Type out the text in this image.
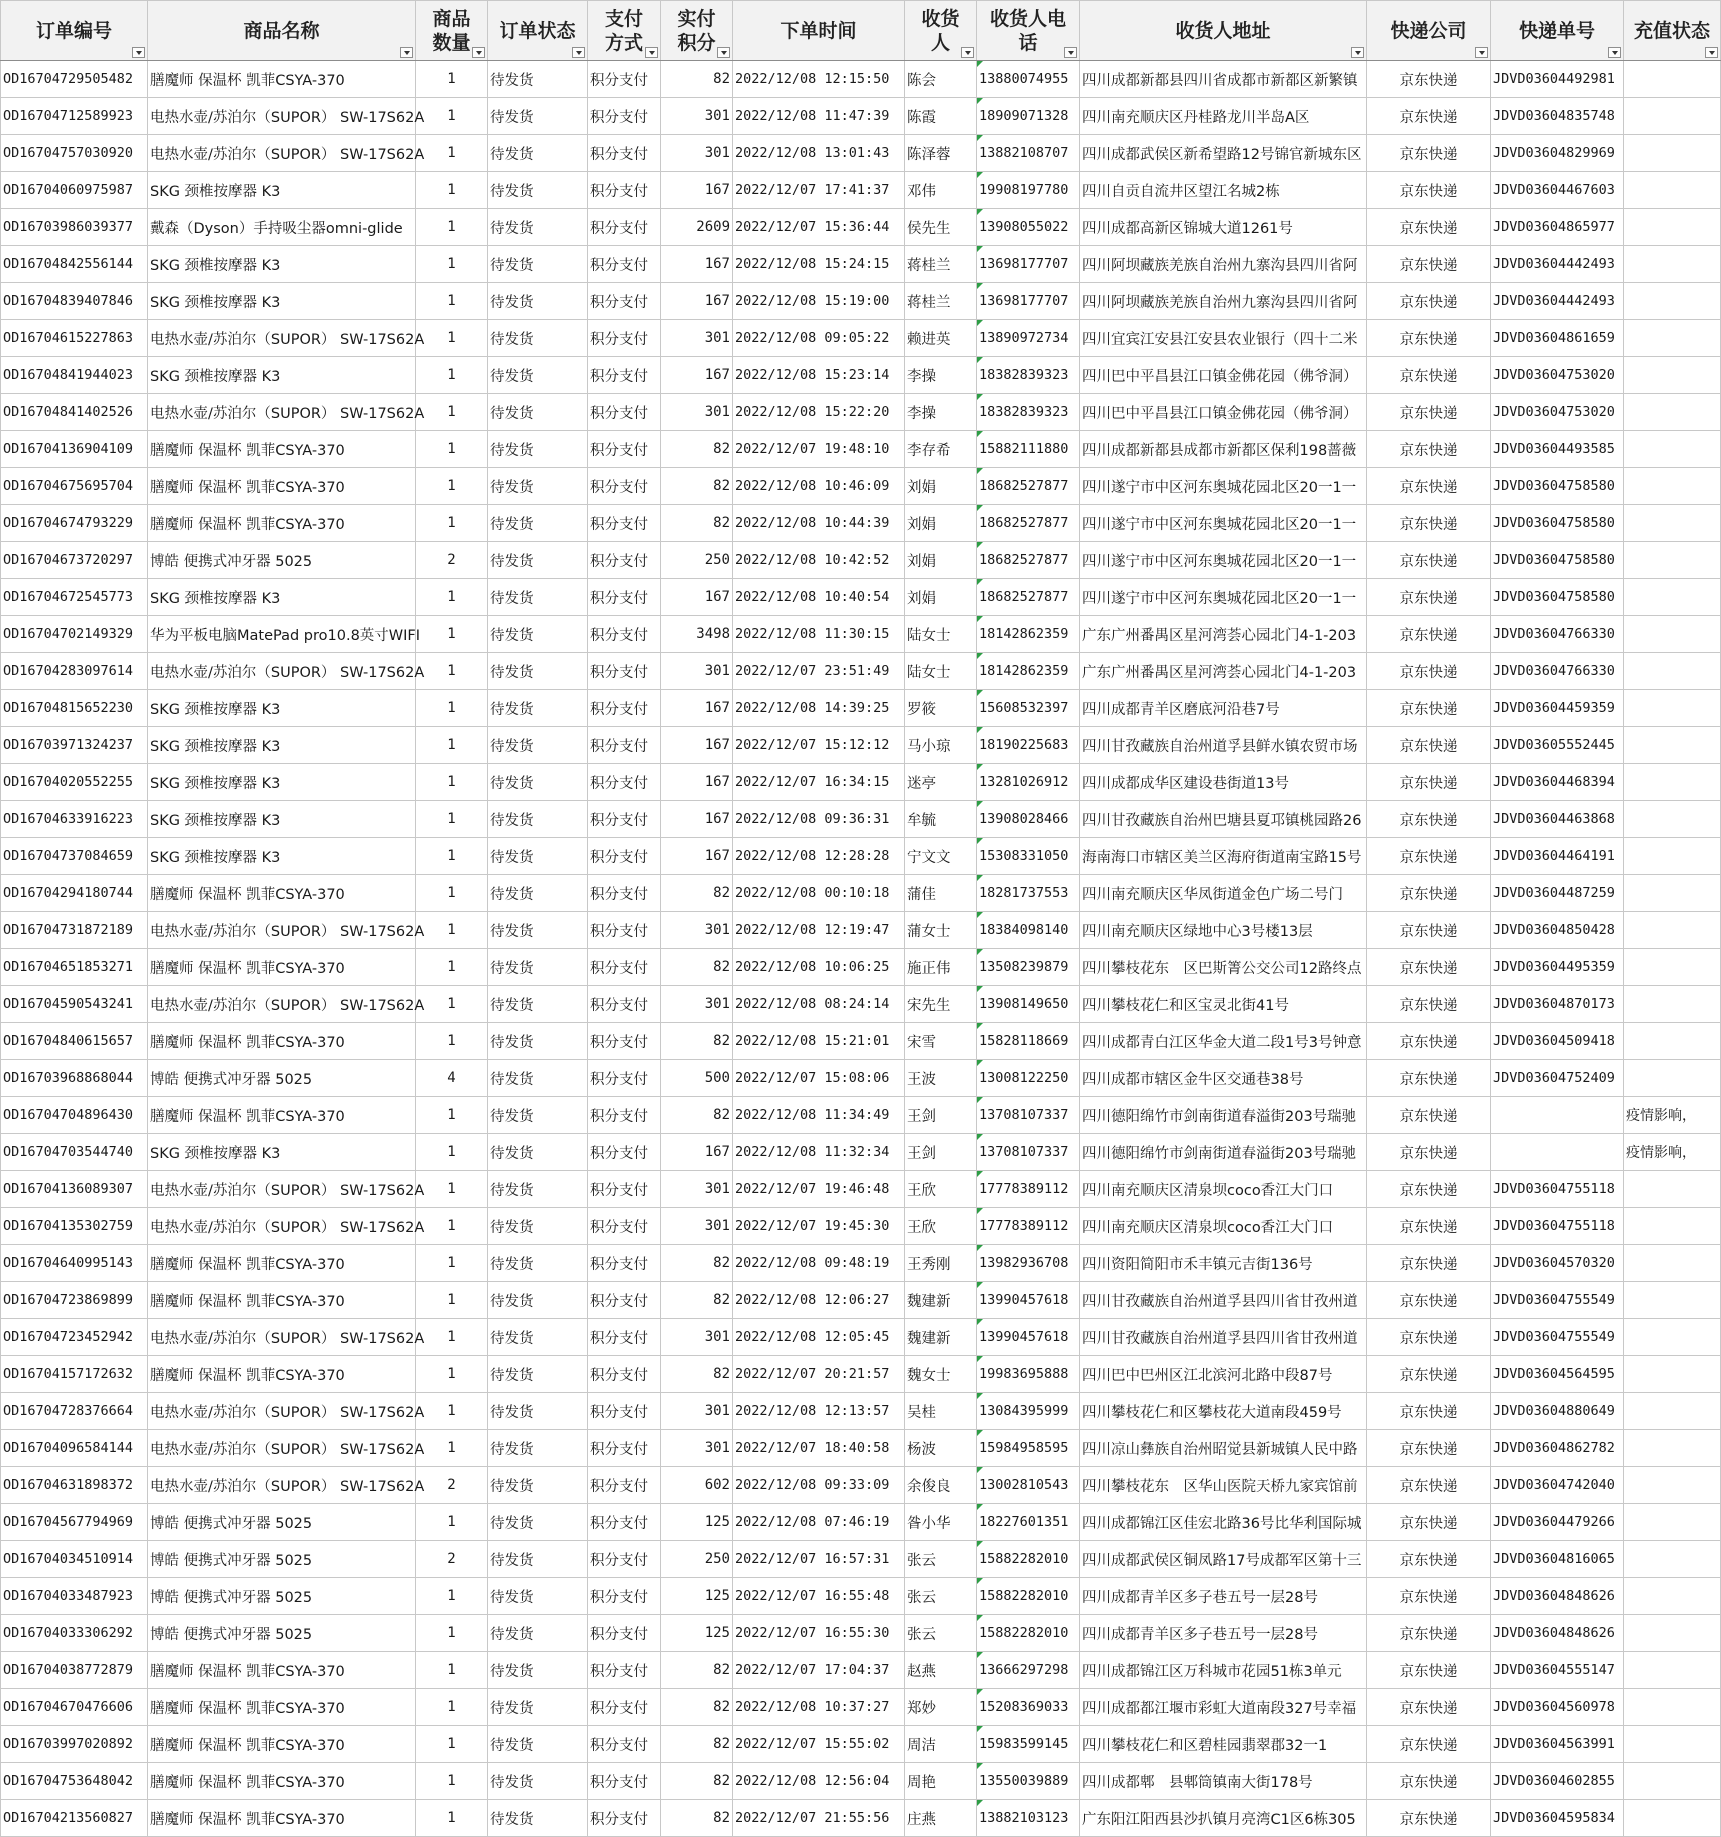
订单编号	商品名称	商品数量	订单状态	支付方式	实付积分	下单时间	收货人	收货人电话	收货人地址	快递公司	快递单号	充值状态

OD16704729505482	膳魔师 保温杯 凯菲CSYA-370	1	待发货	积分支付	82	2022/12/08 12:15:50	陈会	13880074955	四川成都新都县四川省成都市新都区新繁镇	京东快递	JDVD03604492981	
OD16704712589923	电热水壶/苏泊尔（SUPOR） SW-17S62A	1	待发货	积分支付	301	2022/12/08 11:47:39	陈霞	18909071328	四川南充顺庆区丹桂路龙川半岛A区	京东快递	JDVD03604835748	
OD16704757030920	电热水壶/苏泊尔（SUPOR） SW-17S62A	1	待发货	积分支付	301	2022/12/08 13:01:43	陈泽蓉	13882108707	四川成都武侯区新希望路12号锦官新城东区	京东快递	JDVD03604829969	
OD16704060975987	SKG 颈椎按摩器 K3	1	待发货	积分支付	167	2022/12/07 17:41:37	邓伟	19908197780	四川自贡自流井区望江名城2栋	京东快递	JDVD03604467603	
OD16703986039377	戴森（Dyson）手持吸尘器omni-glide	1	待发货	积分支付	2609	2022/12/07 15:36:44	侯先生	13908055022	四川成都高新区锦城大道1261号	京东快递	JDVD03604865977	
OD16704842556144	SKG 颈椎按摩器 K3	1	待发货	积分支付	167	2022/12/08 15:24:15	蒋桂兰	13698177707	四川阿坝藏族羌族自治州九寨沟县四川省阿	京东快递	JDVD03604442493	
OD16704839407846	SKG 颈椎按摩器 K3	1	待发货	积分支付	167	2022/12/08 15:19:00	蒋桂兰	13698177707	四川阿坝藏族羌族自治州九寨沟县四川省阿	京东快递	JDVD03604442493	
OD16704615227863	电热水壶/苏泊尔（SUPOR） SW-17S62A	1	待发货	积分支付	301	2022/12/08 09:05:22	赖进英	13890972734	四川宜宾江安县江安县农业银行（四十二米	京东快递	JDVD03604861659	
OD16704841944023	SKG 颈椎按摩器 K3	1	待发货	积分支付	167	2022/12/08 15:23:14	李操	18382839323	四川巴中平昌县江口镇金佛花园（佛爷洞）	京东快递	JDVD03604753020	
OD16704841402526	电热水壶/苏泊尔（SUPOR） SW-17S62A	1	待发货	积分支付	301	2022/12/08 15:22:20	李操	18382839323	四川巴中平昌县江口镇金佛花园（佛爷洞）	京东快递	JDVD03604753020	
OD16704136904109	膳魔师 保温杯 凯菲CSYA-370	1	待发货	积分支付	82	2022/12/07 19:48:10	李存希	15882111880	四川成都新都县成都市新都区保利198蔷薇	京东快递	JDVD03604493585	
OD16704675695704	膳魔师 保温杯 凯菲CSYA-370	1	待发货	积分支付	82	2022/12/08 10:46:09	刘娟	18682527877	四川遂宁市中区河东奥城花园北区20一1一	京东快递	JDVD03604758580	
OD16704674793229	膳魔师 保温杯 凯菲CSYA-370	1	待发货	积分支付	82	2022/12/08 10:44:39	刘娟	18682527877	四川遂宁市中区河东奥城花园北区20一1一	京东快递	JDVD03604758580	
OD16704673720297	博皓 便携式冲牙器 5025	2	待发货	积分支付	250	2022/12/08 10:42:52	刘娟	18682527877	四川遂宁市中区河东奥城花园北区20一1一	京东快递	JDVD03604758580	
OD16704672545773	SKG 颈椎按摩器 K3	1	待发货	积分支付	167	2022/12/08 10:40:54	刘娟	18682527877	四川遂宁市中区河东奥城花园北区20一1一	京东快递	JDVD03604758580	
OD16704702149329	华为平板电脑MatePad pro10.8英寸WIFI	1	待发货	积分支付	3498	2022/12/08 11:30:15	陆女士	18142862359	广东广州番禺区星河湾荟心园北门4-1-203	京东快递	JDVD03604766330	
OD16704283097614	电热水壶/苏泊尔（SUPOR） SW-17S62A	1	待发货	积分支付	301	2022/12/07 23:51:49	陆女士	18142862359	广东广州番禺区星河湾荟心园北门4-1-203	京东快递	JDVD03604766330	
OD16704815652230	SKG 颈椎按摩器 K3	1	待发货	积分支付	167	2022/12/08 14:39:25	罗筱	15608532397	四川成都青羊区磨底河沿巷7号	京东快递	JDVD03604459359	
OD16703971324237	SKG 颈椎按摩器 K3	1	待发货	积分支付	167	2022/12/07 15:12:12	马小琼	18190225683	四川甘孜藏族自治州道孚县鲜水镇农贸市场	京东快递	JDVD03605552445	
OD16704020552255	SKG 颈椎按摩器 K3	1	待发货	积分支付	167	2022/12/07 16:34:15	迷亭	13281026912	四川成都成华区建设巷街道13号	京东快递	JDVD03604468394	
OD16704633916223	SKG 颈椎按摩器 K3	1	待发货	积分支付	167	2022/12/08 09:36:31	牟毓	13908028466	四川甘孜藏族自治州巴塘县夏邛镇桃园路26	京东快递	JDVD03604463868	
OD16704737084659	SKG 颈椎按摩器 K3	1	待发货	积分支付	167	2022/12/08 12:28:28	宁文文	15308331050	海南海口市辖区美兰区海府街道南宝路15号	京东快递	JDVD03604464191	
OD16704294180744	膳魔师 保温杯 凯菲CSYA-370	1	待发货	积分支付	82	2022/12/08 00:10:18	蒲佳	18281737553	四川南充顺庆区华凤街道金色广场二号门	京东快递	JDVD03604487259	
OD16704731872189	电热水壶/苏泊尔（SUPOR） SW-17S62A	1	待发货	积分支付	301	2022/12/08 12:19:47	蒲女士	18384098140	四川南充顺庆区绿地中心3号楼13层	京东快递	JDVD03604850428	
OD16704651853271	膳魔师 保温杯 凯菲CSYA-370	1	待发货	积分支付	82	2022/12/08 10:06:25	施正伟	13508239879	四川攀枝花东　区巴斯箐公交公司12路终点	京东快递	JDVD03604495359	
OD16704590543241	电热水壶/苏泊尔（SUPOR） SW-17S62A	1	待发货	积分支付	301	2022/12/08 08:24:14	宋先生	13908149650	四川攀枝花仁和区宝灵北街41号	京东快递	JDVD03604870173	
OD16704840615657	膳魔师 保温杯 凯菲CSYA-370	1	待发货	积分支付	82	2022/12/08 15:21:01	宋雪	15828118669	四川成都青白江区华金大道二段1号3号钟意	京东快递	JDVD03604509418	
OD16703968868044	博皓 便携式冲牙器 5025	4	待发货	积分支付	500	2022/12/07 15:08:06	王波	13008122250	四川成都市辖区金牛区交通巷38号	京东快递	JDVD03604752409	
OD16704704896430	膳魔师 保温杯 凯菲CSYA-370	1	待发货	积分支付	82	2022/12/08 11:34:49	王剑	13708107337	四川德阳绵竹市剑南街道春溢街203号瑞驰	京东快递		疫情影响，
OD16704703544740	SKG 颈椎按摩器 K3	1	待发货	积分支付	167	2022/12/08 11:32:34	王剑	13708107337	四川德阳绵竹市剑南街道春溢街203号瑞驰	京东快递		疫情影响，
OD16704136089307	电热水壶/苏泊尔（SUPOR） SW-17S62A	1	待发货	积分支付	301	2022/12/07 19:46:48	王欣	17778389112	四川南充顺庆区清泉坝coco香江大门口	京东快递	JDVD03604755118	
OD16704135302759	电热水壶/苏泊尔（SUPOR） SW-17S62A	1	待发货	积分支付	301	2022/12/07 19:45:30	王欣	17778389112	四川南充顺庆区清泉坝coco香江大门口	京东快递	JDVD03604755118	
OD16704640995143	膳魔师 保温杯 凯菲CSYA-370	1	待发货	积分支付	82	2022/12/08 09:48:19	王秀刚	13982936708	四川资阳简阳市禾丰镇元吉街136号	京东快递	JDVD03604570320	
OD16704723869899	膳魔师 保温杯 凯菲CSYA-370	1	待发货	积分支付	82	2022/12/08 12:06:27	魏建新	13990457618	四川甘孜藏族自治州道孚县四川省甘孜州道	京东快递	JDVD03604755549	
OD16704723452942	电热水壶/苏泊尔（SUPOR） SW-17S62A	1	待发货	积分支付	301	2022/12/08 12:05:45	魏建新	13990457618	四川甘孜藏族自治州道孚县四川省甘孜州道	京东快递	JDVD03604755549	
OD16704157172632	膳魔师 保温杯 凯菲CSYA-370	1	待发货	积分支付	82	2022/12/07 20:21:57	魏女士	19983695888	四川巴中巴州区江北滨河北路中段87号	京东快递	JDVD03604564595	
OD16704728376664	电热水壶/苏泊尔（SUPOR） SW-17S62A	1	待发货	积分支付	301	2022/12/08 12:13:57	吴桂	13084395999	四川攀枝花仁和区攀枝花大道南段459号	京东快递	JDVD03604880649	
OD16704096584144	电热水壶/苏泊尔（SUPOR） SW-17S62A	1	待发货	积分支付	301	2022/12/07 18:40:58	杨波	15984958595	四川凉山彝族自治州昭觉县新城镇人民中路	京东快递	JDVD03604862782	
OD16704631898372	电热水壶/苏泊尔（SUPOR） SW-17S62A	2	待发货	积分支付	602	2022/12/08 09:33:09	余俊良	13002810543	四川攀枝花东　区华山医院天桥九家宾馆前	京东快递	JDVD03604742040	
OD16704567794969	博皓 便携式冲牙器 5025	1	待发货	积分支付	125	2022/12/08 07:46:19	昝小华	18227601351	四川成都锦江区佳宏北路36号比华利国际城	京东快递	JDVD03604479266	
OD16704034510914	博皓 便携式冲牙器 5025	2	待发货	积分支付	250	2022/12/07 16:57:31	张云	15882282010	四川成都武侯区铜凤路17号成都军区第十三	京东快递	JDVD03604816065	
OD16704033487923	博皓 便携式冲牙器 5025	1	待发货	积分支付	125	2022/12/07 16:55:48	张云	15882282010	四川成都青羊区多子巷五号一层28号	京东快递	JDVD03604848626	
OD16704033306292	博皓 便携式冲牙器 5025	1	待发货	积分支付	125	2022/12/07 16:55:30	张云	15882282010	四川成都青羊区多子巷五号一层28号	京东快递	JDVD03604848626	
OD16704038772879	膳魔师 保温杯 凯菲CSYA-370	1	待发货	积分支付	82	2022/12/07 17:04:37	赵燕	13666297298	四川成都锦江区万科城市花园51栋3单元	京东快递	JDVD03604555147	
OD16704670476606	膳魔师 保温杯 凯菲CSYA-370	1	待发货	积分支付	82	2022/12/08 10:37:27	郑妙	15208369033	四川成都都江堰市彩虹大道南段327号幸福	京东快递	JDVD03604560978	
OD16703997020892	膳魔师 保温杯 凯菲CSYA-370	1	待发货	积分支付	82	2022/12/07 15:55:02	周洁	15983599145	四川攀枝花仁和区碧桂园翡翠郡32一1	京东快递	JDVD03604563991	
OD16704753648042	膳魔师 保温杯 凯菲CSYA-370	1	待发货	积分支付	82	2022/12/08 12:56:04	周艳	13550039889	四川成都郫　县郫筒镇南大街178号	京东快递	JDVD03604602855	
OD16704213560827	膳魔师 保温杯 凯菲CSYA-370	1	待发货	积分支付	82	2022/12/07 21:55:56	庄燕	13882103123	广东阳江阳西县沙扒镇月亮湾C1区6栋305	京东快递	JDVD03604595834	
